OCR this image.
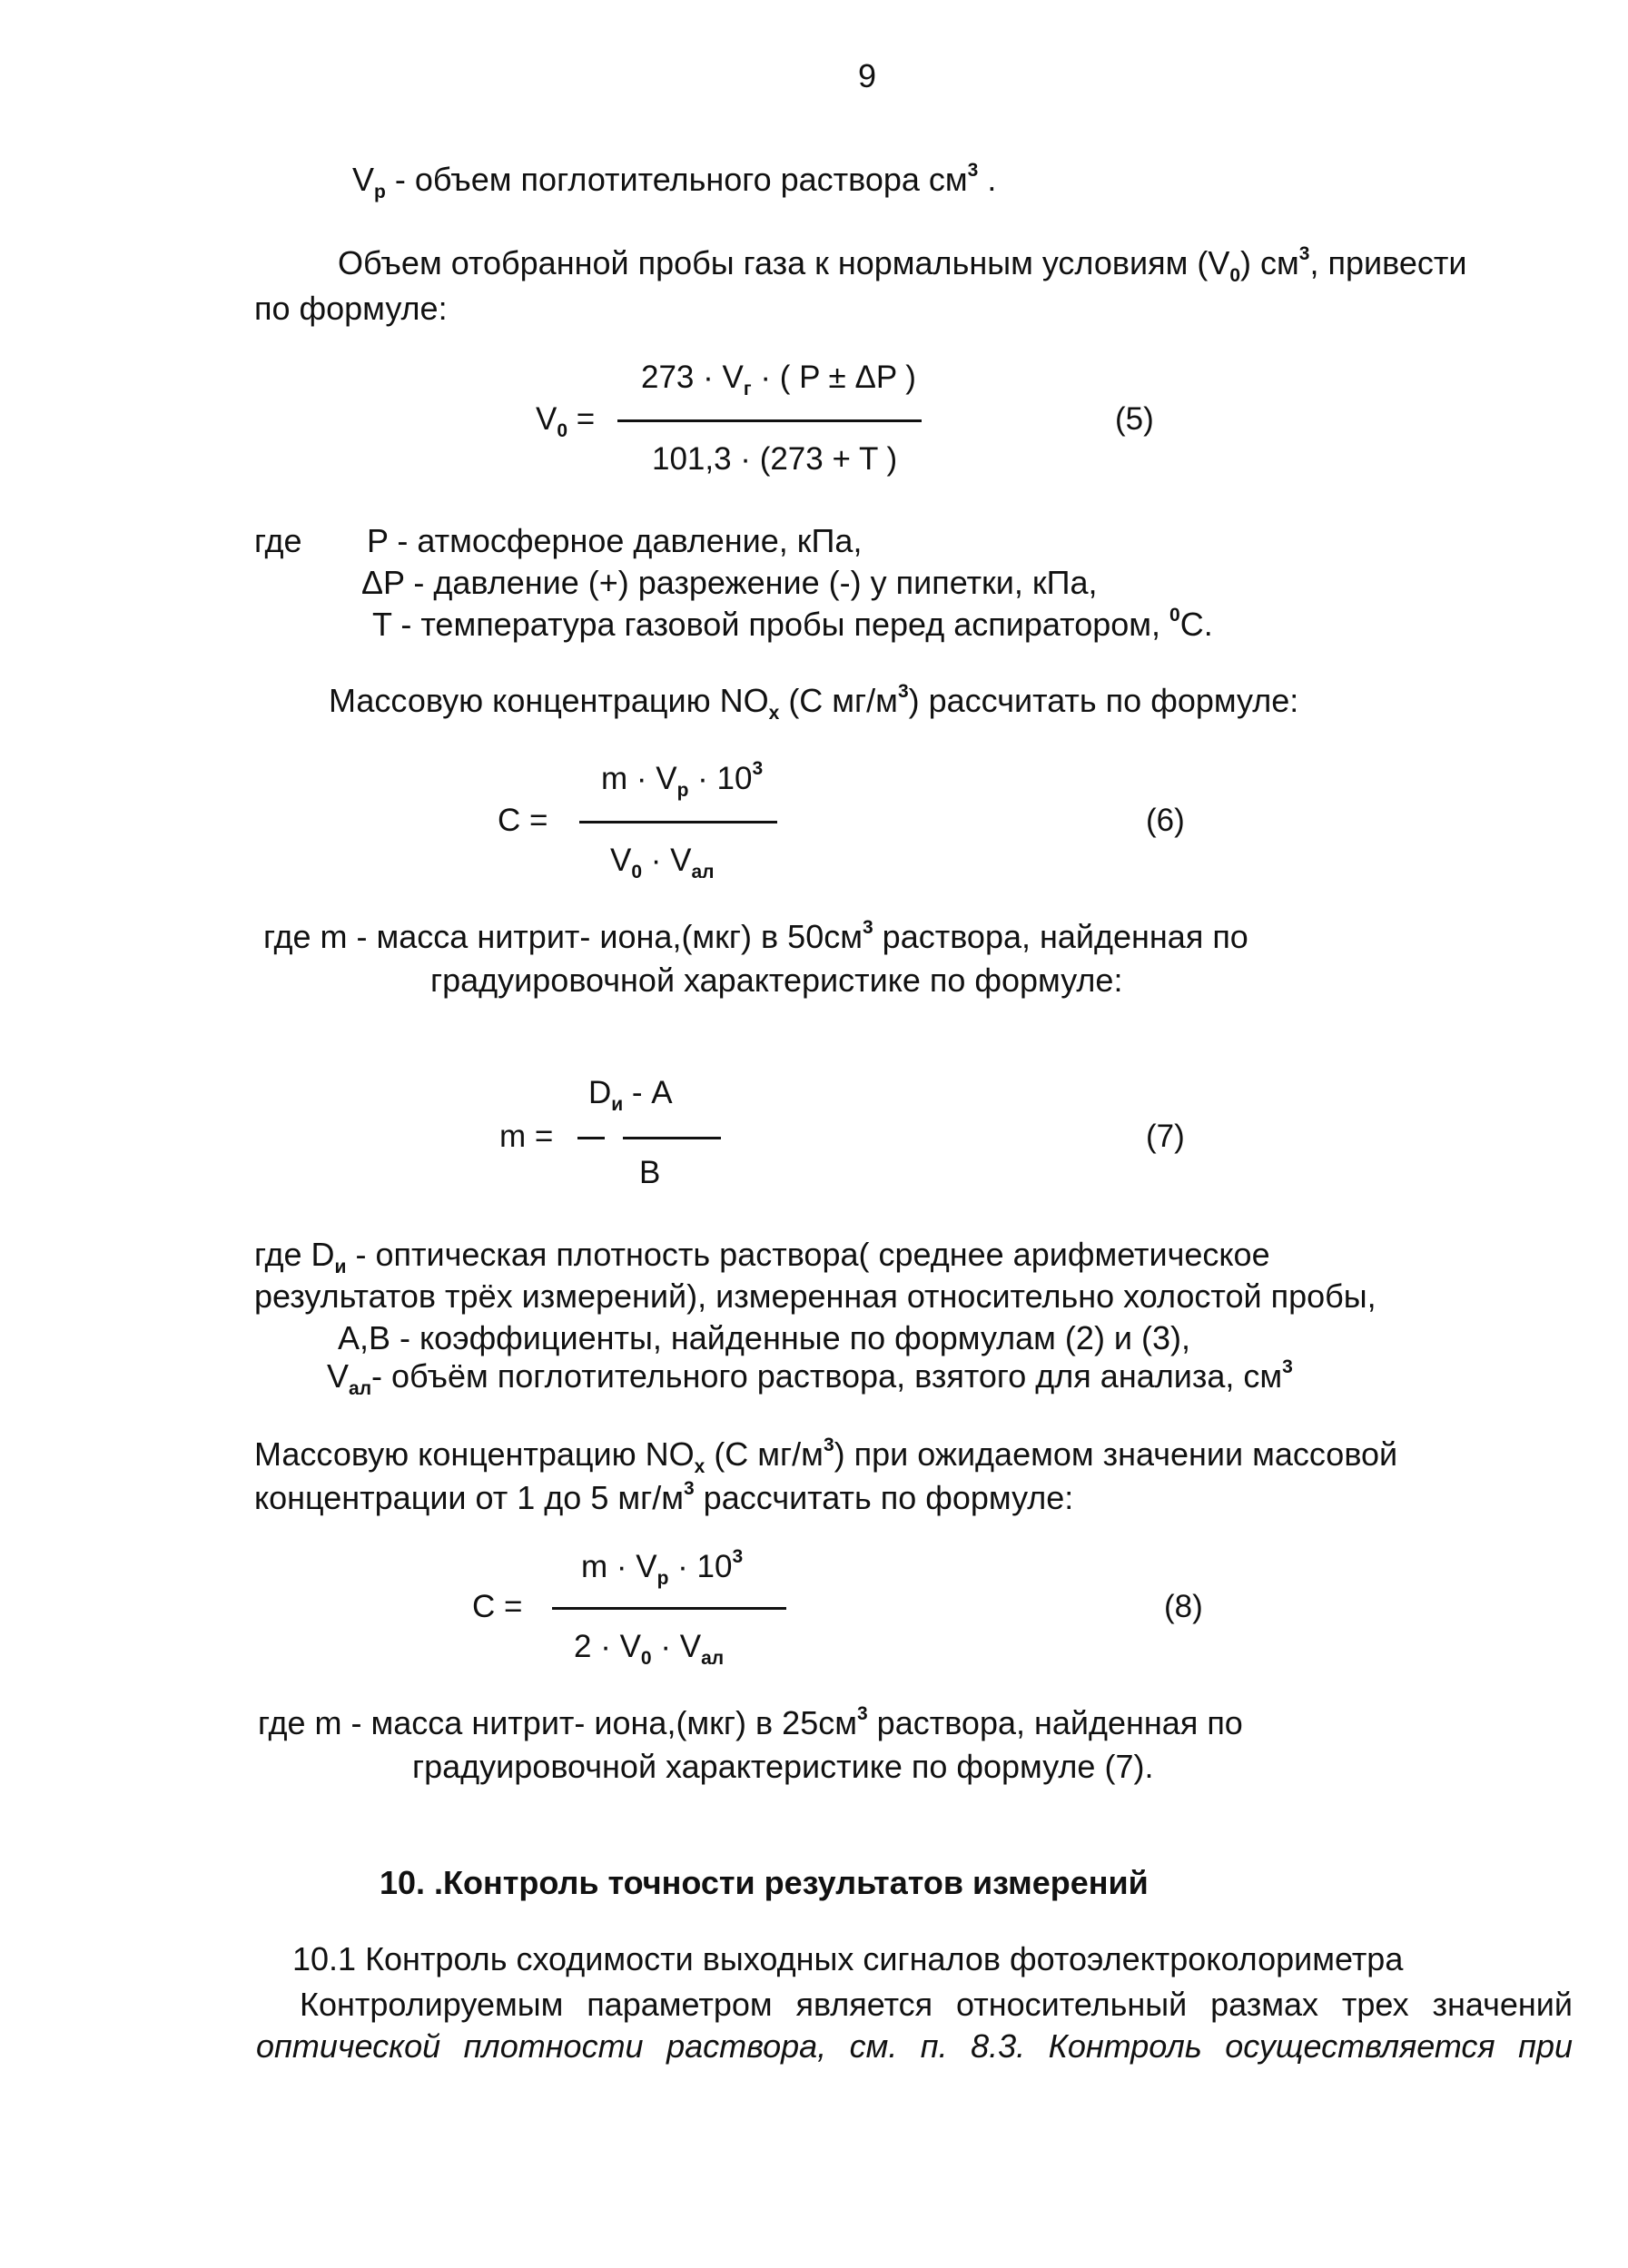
9
$V_р$ - объем поглотительного раствора $см^3$ .
Объем отобранной пробы газа к нормальным условиям $(V_0)$ $см^3$, привести
по формуле:
$273 \cdot V_г$ · ( P ± ΔP )
$V_0$ =
101,3 · (273 + T )
(5)
где P - атмосферное давление, кПа,
ΔP - давление (+) разрежение (-) у пипетки, кПа,
T - температура газовой пробы перед аспиратором, $^0$С.
Массовую концентрацию $NO_x$ (С $мг/м^3$) рассчитать по формуле:
$m \cdot V_р \cdot 10^3$
C =
$V_0 \cdot V_{ал}$
(6)
где m - масса нитрит- иона,(мкг) в $50см^3$ раствора, найденная по
градуировочной характеристике по формуле:
$D_и$ - A
m =
B
(7)
где $D_и$ - оптическая плотность раствора( среднее арифметическое
результатов трёх измерений), измеренная относительно холостой пробы,
А,В - коэффициенты, найденные по формулам (2) и (3),
$V_{ал}-$ объём поглотительного раствора, взятого для анализа, $см^3$
Массовую концентрацию $NO_x$ (С $мг/м^3$) при ожидаемом значении массовой
концентрации от 1 до 5 $мг/м^3$ рассчитать по формуле:
$m \cdot V_р \cdot 10^3$
C =
$2 \cdot V_0 \cdot V_{ал}$
(8)
где m - масса нитрит- иона,(мкг) в $25см^3$ раствора, найденная по
градуировочной характеристике по формуле (7).
10. .Контроль точности результатов измерений
10.1 Контроль сходимости выходных сигналов фотоэлектроколориметра
Контролируемым параметром является относительный размах трех значений
оптической плотности раствора, см. п. 8.3. Контроль осуществляется при
